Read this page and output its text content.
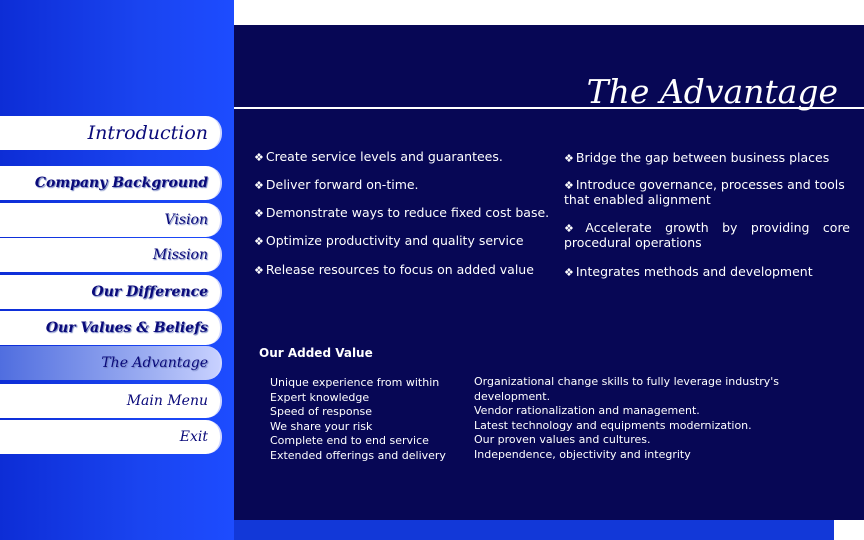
The Advantage
Introduction
Company Background
Vision
Mission
Our Difference
Our Values & Beliefs
The Advantage
Main Menu
Exit
❖ Create service levels and guarantees.
❖ Deliver forward on-time.
❖ Demonstrate ways to reduce fixed cost base.
❖ Optimize productivity and quality service
❖ Release resources to focus on added value
❖ Bridge the gap between business places
❖ Introduce governance, processes and tools that enabled alignment
❖ Accelerate growth by providing core procedural operations
❖ Integrates methods and development
Our Added Value
Unique experience from within
Expert knowledge
Speed of response
We share your risk
Complete end to end service
Extended offerings and delivery
Organizational change skills to fully leverage industry's
development.
Vendor rationalization and management.
Latest technology and equipments modernization.
Our proven values and cultures.
Independence, objectivity and integrity
